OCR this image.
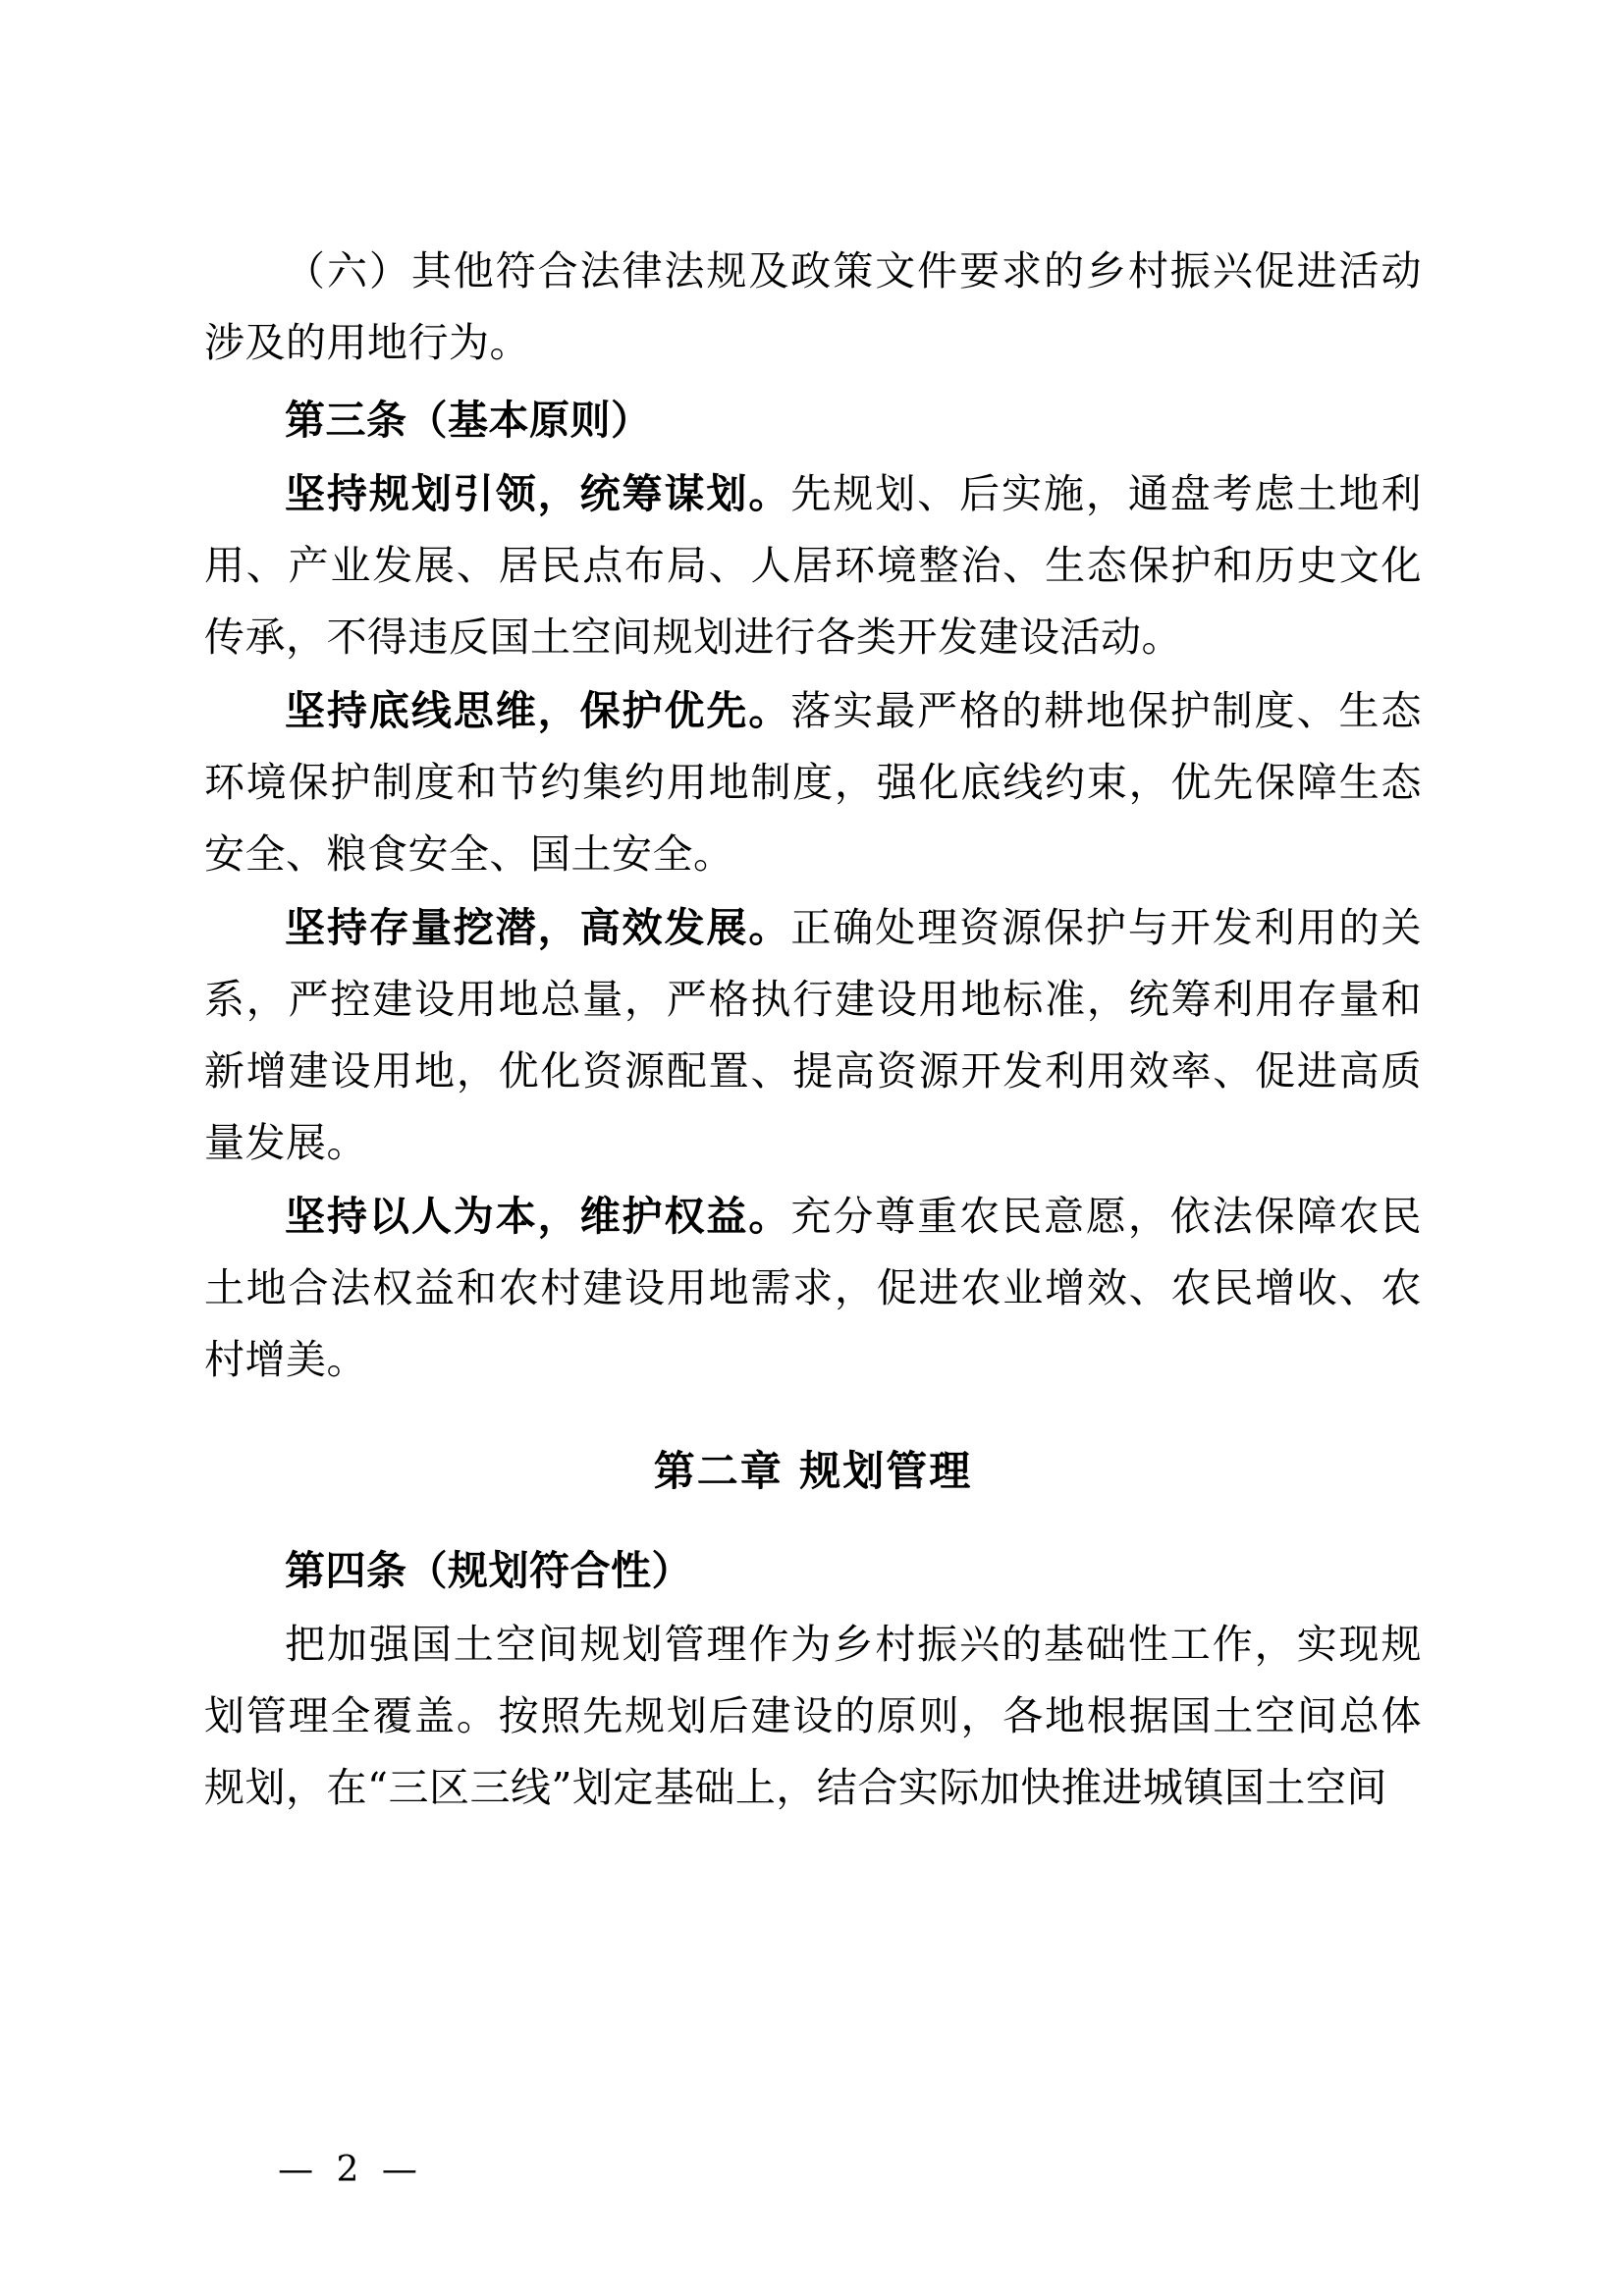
（六）其他符合法律法规及政策文件要求的乡村振兴促进活动涉及的用地行为。

第三条（基本原则）

坚持规划引领，统筹谋划。先规划、后实施，通盘考虑土地利用、产业发展、居民点布局、人居环境整治、生态保护和历史文化传承，不得违反国土空间规划进行各类开发建设活动。

坚持底线思维，保护优先。落实最严格的耕地保护制度、生态环境保护制度和节约集约用地制度，强化底线约束，优先保障生态安全、粮食安全、国土安全。

坚持存量挖潜，高效发展。正确处理资源保护与开发利用的关系，严控建设用地总量，严格执行建设用地标准，统筹利用存量和新增建设用地，优化资源配置、提高资源开发利用效率、促进高质量发展。

坚持以人为本，维护权益。充分尊重农民意愿，依法保障农民土地合法权益和农村建设用地需求，促进农业增效、农民增收、农村增美。

第二章 规划管理

第四条（规划符合性）

把加强国土空间规划管理作为乡村振兴的基础性工作，实现规划管理全覆盖。按照先规划后建设的原则，各地根据国土空间总体规划，在“三区三线”划定基础上，结合实际加快推进城镇国土空间

— 2 —
